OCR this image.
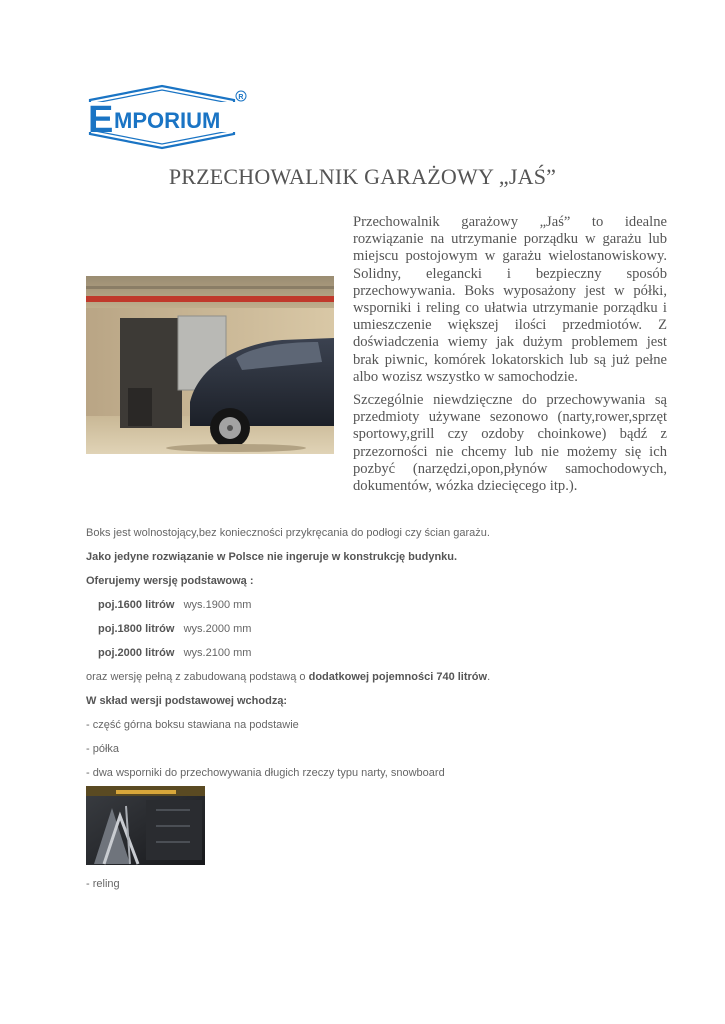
E MPORIUM
R
PRZECHOWALNIK GARAŻOWY „JAŚ”

Przechowalnik garażowy „Jaś” to idealne rozwiązanie na utrzymanie porządku w garażu lub miejscu postojowym w garażu wielostanowiskowy. Solidny, elegancki i bezpieczny sposób przechowywania. Boks wyposażony jest w półki, wsporniki i reling co ułatwia utrzymanie porządku i umieszczenie większej ilości przedmiotów. Z doświadczenia wiemy jak dużym problemem jest brak piwnic, komórek lokatorskich lub są już pełne albo wozisz wszystko w samochodzie.

Szczególnie niewdzięczne do przechowywania są przedmioty używane sezonowo (narty,rower,sprzęt sportowy,grill czy ozdoby choinkowe) bądź z przezorności nie chcemy lub nie możemy się ich pozbyć (narzędzi,opon,płynów samochodowych, dokumentów, wózka dziecięcego itp.).

Boks jest wolnostojący,bez konieczności przykręcania do podłogi czy ścian garażu.
Jako jedyne rozwiązanie w Polsce nie ingeruje w konstrukcję budynku.
Oferujemy wersję podstawową :
poj.1600 litrów wys.1900 mm
poj.1800 litrów wys.2000 mm
poj.2000 litrów wys.2100 mm
oraz wersję pełną z zabudowaną podstawą o dodatkowej pojemności 740 litrów.
W skład wersji podstawowej wchodzą:
- część górna boksu stawiana na podstawie
- półka
- dwa wsporniki do przechowywania długich rzeczy typu narty, snowboard
- reling
